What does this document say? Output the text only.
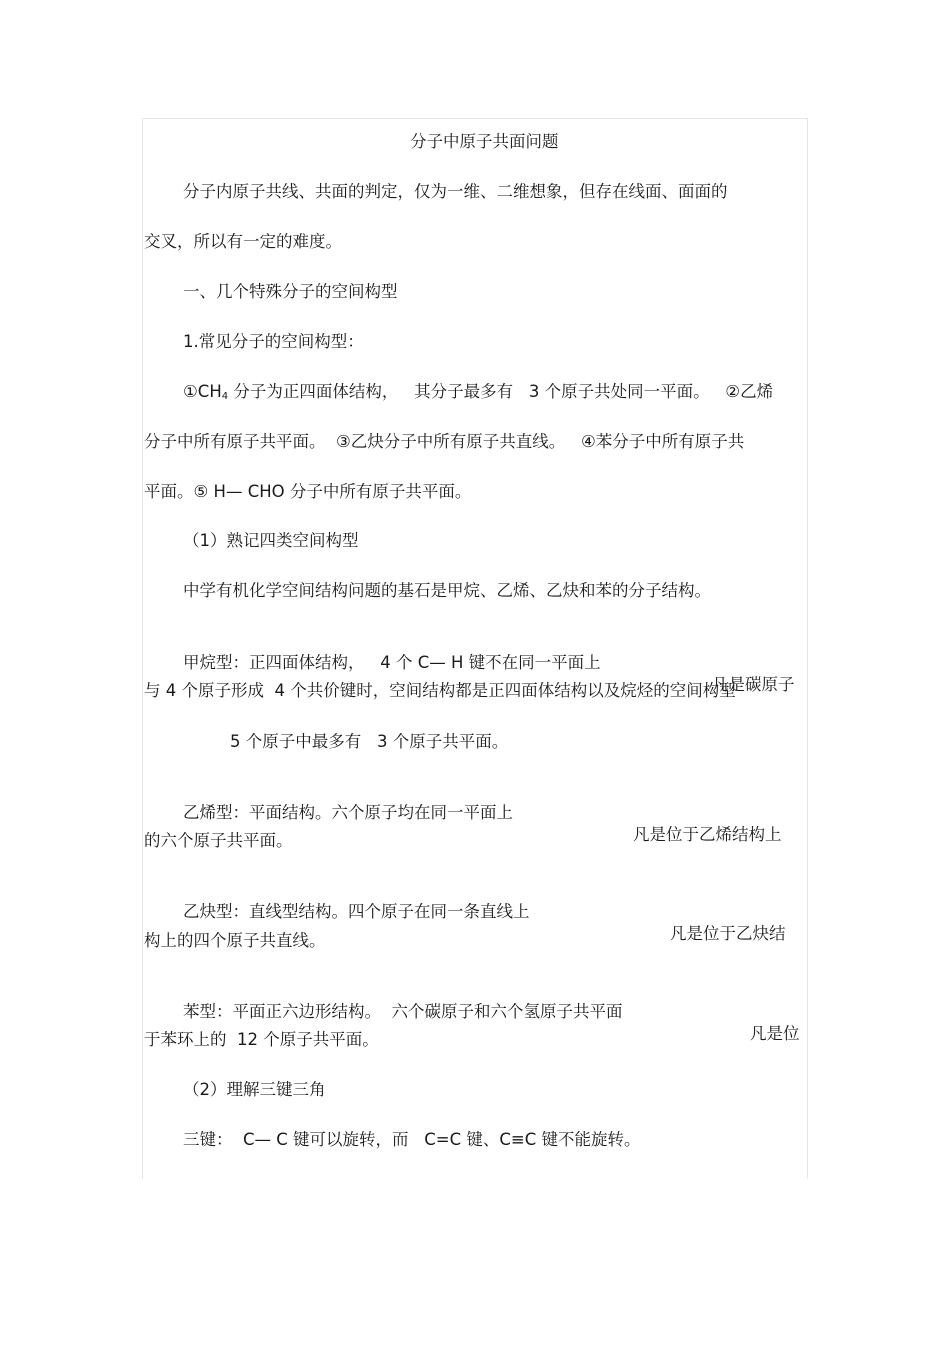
分子中原子共面问题
分子内原子共线、共面的判定，仅为一维、二维想象，但存在线面、面面的
交叉，所以有一定的难度。
一、几个特殊分子的空间构型
1.常见分子的空间构型：
$①CH_4$ 分子为正四面体结构，   其分子最多有   3 个原子共处同一平面。   ②乙烯
分子中所有原子共平面。  ③乙炔分子中所有原子共直线。   ④苯分子中所有原子共
平面。⑤ H— CHO 分子中所有原子共平面。
（1）熟记四类空间构型
中学有机化学空间结构问题的基石是甲烷、乙烯、乙炔和苯的分子结构。

甲烷型：正四面体结构，   4 个 C— H 键不在同一平面上

凡是碳原子

与 4 个原子形成  4 个共价键时，空间结构都是正四面体结构以及烷烃的空间构型
5 个原子中最多有   3 个原子共平面。

乙烯型：平面结构。六个原子均在同一平面上

凡是位于乙烯结构上

的六个原子共平面。

乙炔型：直线型结构。四个原子在同一条直线上

凡是位于乙炔结

构上的四个原子共直线。

苯型：平面正六边形结构。  六个碳原子和六个氢原子共平面

凡是位

于苯环上的  12 个原子共平面。
（2）理解三键三角
三键：  C— C 键可以旋转，而   C=C 键、C≡C 键不能旋转。
